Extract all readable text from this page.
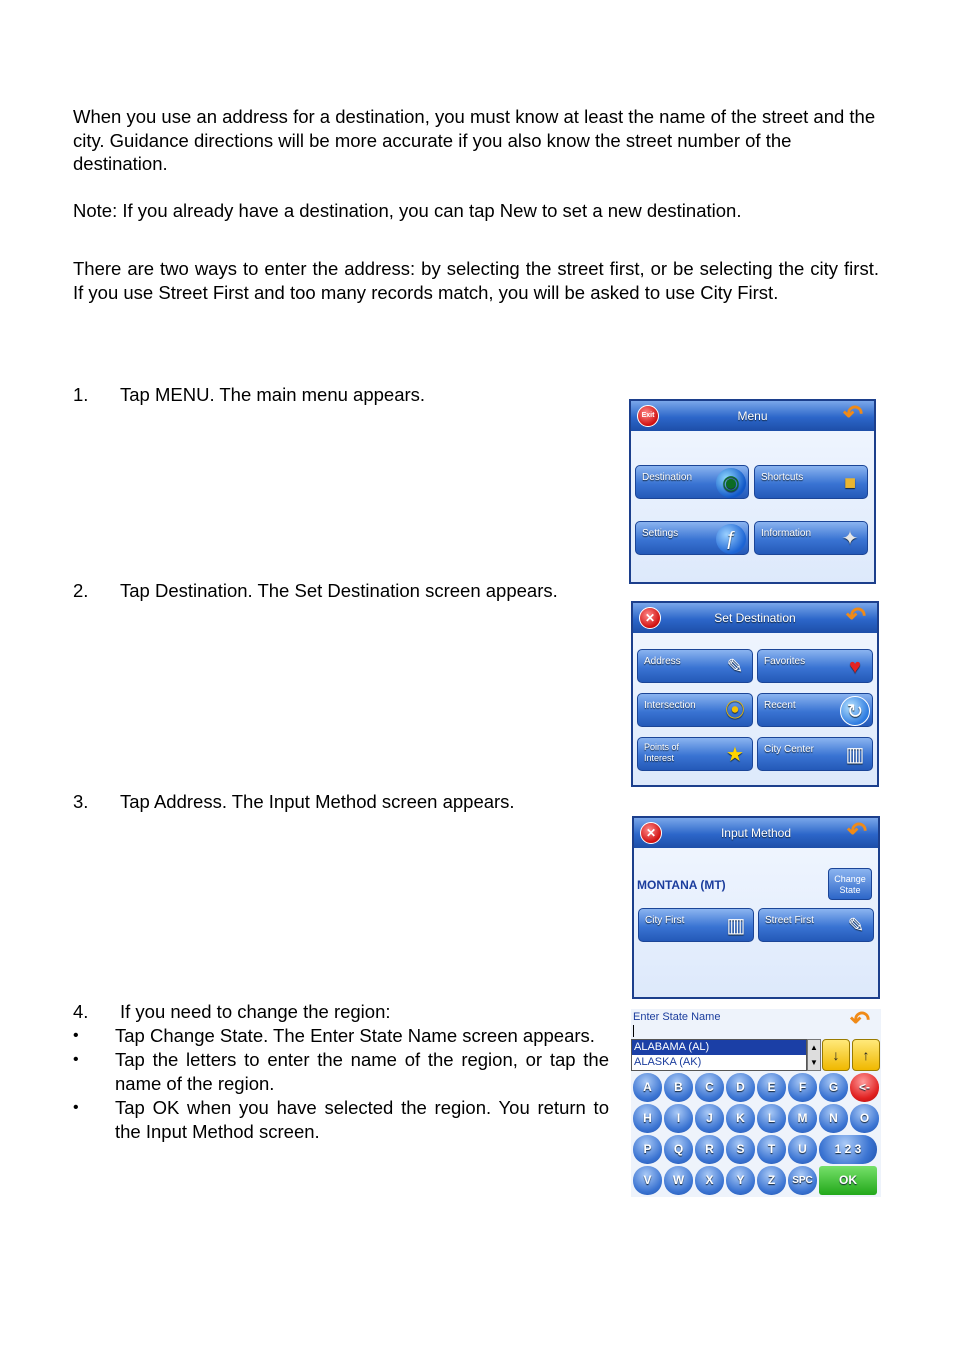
When you use an address for a destination, you must know at least the name of the street and the city. Guidance directions will be more accurate if you also know the street number of the destination.

Note: If you already have a destination, you can tap New to set a new destination.

There are two ways to enter the address: by selecting the street first, or be selecting the city first. If you use Street First and too many records match, you will be asked to use City First.

1. Tap MENU. The main menu appears.
2. Tap Destination. The Set Destination screen appears.
3. Tap Address. The Input Method screen appears.
4. If you need to change the region:
• Tap Change State. The Enter State Name screen appears.
• Tap the letters to enter the name of the region, or tap the name of the region.
• Tap OK when you have selected the region. You return to the Input Method screen.
Menu
Exit	↶
Destination	◉	Shortcuts	■
Settings	ƒ	Information	✦
Set Destination
✕	↶
Address	✎	Favorites	♥
Intersection ⦿	Recent	↻
Points of Interest	★	City Center ▥
Input Method
✕	↶
MONTANA (MT)	Change State
City First ▥	Street First	✎
Enter State Name	↶
ALABAMA (AL)
ALASKA (AK)
▲
▼	↓	↑
A	B	C	D	E	F	G	<-
H	I	J	K	L	M	N	O
P	Q	R	S	T	U	1 2 3
V	W	X	Y	Z	SPC	OK
